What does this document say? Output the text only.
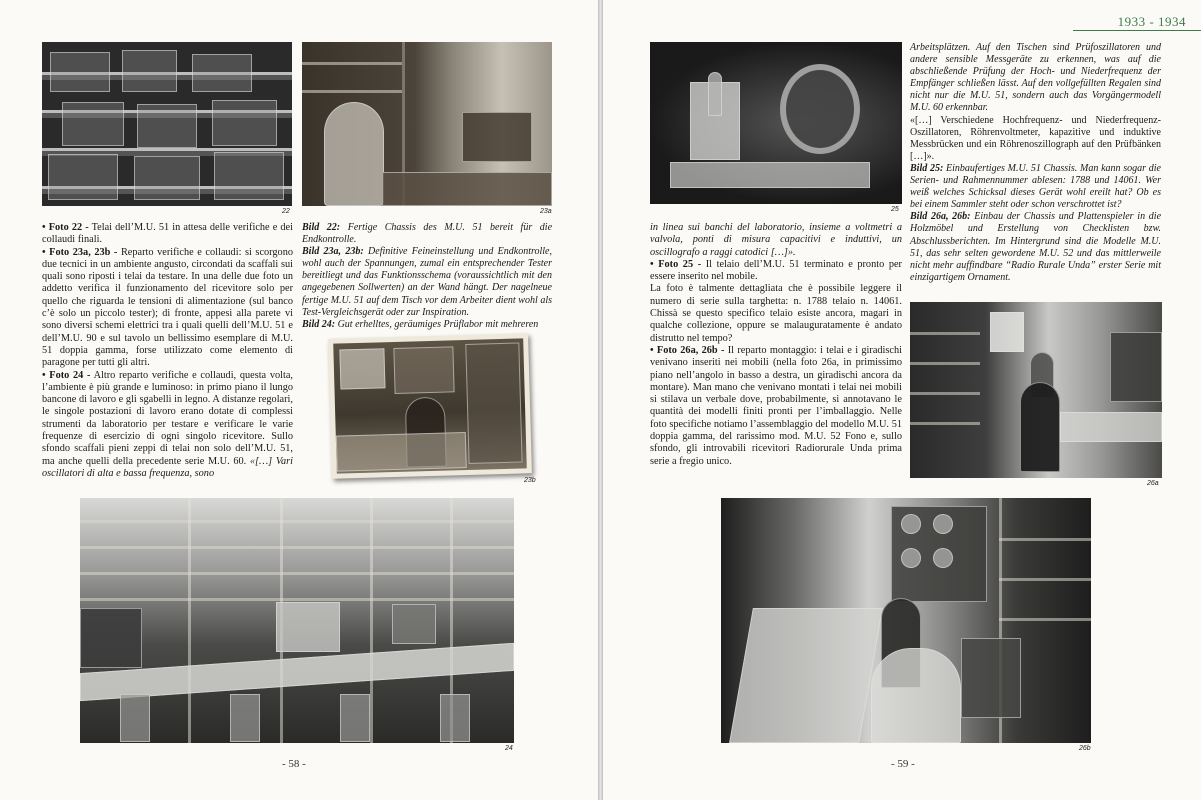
22	23a

• Foto 22 - Telai dell’M.U. 51 in attesa delle verifiche e dei collaudi finali.

• Foto 23a, 23b - Reparto verifiche e collaudi: si scorgono due tecnici in un ambiente angusto, circondati da scaffali sui quali sono riposti i telai da testare. In una delle due foto un addetto verifica il funzionamento del ricevitore solo per quello che riguarda le tensioni di alimentazione (sul banco c’è solo un piccolo tester); di fronte, appesi alla parete vi sono diversi schemi elettrici tra i quali quelli dell’M.U. 51 e dell’M.U. 90 e sul tavolo un bellissimo esemplare di M.U. 51 doppia gamma, forse utilizzato come elemento di paragone per tutti gli altri.

• Foto 24 - Altro reparto verifiche e collaudi, questa volta, l’ambiente è più grande e luminoso: in primo piano il lungo bancone di lavoro e gli sgabelli in legno. A distanze regolari, le singole postazioni di lavoro erano dotate di complessi strumenti da laboratorio per testare e verificare le varie frequenze di esercizio di ogni singolo ricevitore. Sullo sfondo scaffali pieni zeppi di telai non solo dell’M.U. 51, ma anche quelli della precedente serie M.U. 60. «[…] Vari oscillatori di alta e bassa frequenza, sono

Bild 22: Fertige Chassis des M.U. 51 bereit für die Endkontrolle.

Bild 23a, 23b: Definitive Feineinstellung und Endkontrolle, wohl auch der Spannungen, zumal ein entsprechender Tester bereitliegt und das Funktionsschema (voraussichtlich mit den angegebenen Sollwerten) an der Wand hängt. Der nagelneue fertige M.U. 51 auf dem Tisch vor dem Arbeiter dient wohl als Test-Vergleichsgerät oder zur Inspiration.

Bild 24: Gut erhelltes, geräumiges Prüflabor mit mehreren

23b
24
- 58 -
1933 - 1934
25

Arbeitsplätzen. Auf den Tischen sind Prüfoszillatoren und andere sensible Messgeräte zu erkennen, was auf die abschließende Prüfung der Hoch- und Niederfrequenz der Empfänger schließen lässt. Auf den vollgefüllten Regalen sind nicht nur die M.U. 51, sondern auch das Vorgängermodell M.U. 60 erkennbar.

«[…] Verschiedene Hochfrequenz- und Niederfrequenz-Oszillatoren, Röhrenvoltmeter, kapazitive und induktive Messbrücken und ein Röhrenoszillograph auf den Prüfbänken […]».

Bild 25: Einbaufertiges M.U. 51 Chassis. Man kann sogar die Serien- und Rahmennummer ablesen: 1788 und 14061. Wer weiß welches Schicksal dieses Gerät wohl ereilt hat? Ob es bei einem Sammler steht oder schon verschrottet ist?

Bild 26a, 26b: Einbau der Chassis und Plattenspieler in die Holzmöbel und Erstellung von Checklisten bzw. Abschlussberichten. Im Hintergrund sind die Modelle M.U. 51, das sehr selten gewordene M.U. 52 und das mittlerweile nicht mehr auffindbare “Radio Rurale Unda” erster Serie mit einzigartigem Ornament.

in linea sui banchi del laboratorio, insieme a voltmetri a valvola, ponti di misura capacitivi e induttivi, un oscillografo a raggi catodici […]».

• Foto 25 - Il telaio dell’M.U. 51 terminato e pronto per essere inserito nel mobile.

La foto è talmente dettagliata che è possibile leggere il numero di serie sulla targhetta: n. 1788 telaio n. 14061. Chissà se questo specifico telaio esiste ancora, magari in qualche collezione, oppure se malauguratamente è andato distrutto nel tempo?

• Foto 26a, 26b - Il reparto montaggio: i telai e i giradischi venivano inseriti nei mobili (nella foto 26a, in primissimo piano nell’angolo in basso a destra, un giradischi ancora da montare). Man mano che venivano montati i telai nei mobili si stilava un verbale dove, probabilmente, si annotavano le quantità dei modelli finiti pronti per l’imballaggio. Nelle foto specifiche notiamo l’assemblaggio del modello M.U. 51 doppia gamma, del rarissimo mod. M.U. 52 Fono e, sullo sfondo, gli introvabili ricevitori Radiorurale Unda prima serie a fregio unico.

26a
26b
- 59 -
